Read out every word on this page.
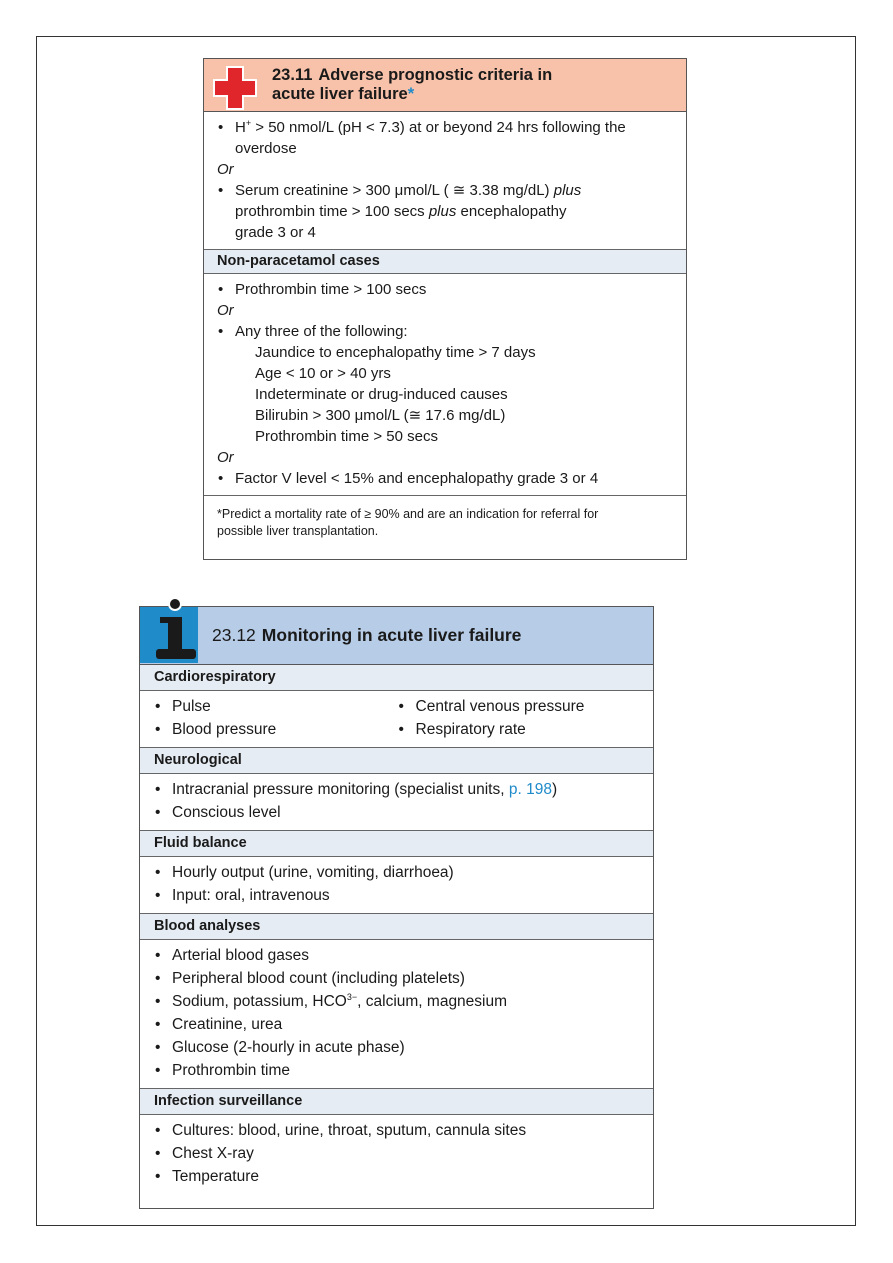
23.11 Adverse prognostic criteria in
acute liver failure*
• H+ > 50 nmol/L (pH < 7.3) at or beyond 24 hrs following the
overdose
Or
• Serum creatinine > 300 μmol/L ( ≅ 3.38 mg/dL) plus
prothrombin time > 100 secs plus encephalopathy
grade 3 or 4
Non-paracetamol cases
• Prothrombin time > 100 secs
Or
• Any three of the following:
Jaundice to encephalopathy time > 7 days
Age < 10 or > 40 yrs
Indeterminate or drug-induced causes
Bilirubin > 300 μmol/L (≅ 17.6 mg/dL)
Prothrombin time > 50 secs
Or
• Factor V level < 15% and encephalopathy grade 3 or 4
*Predict a mortality rate of ≥ 90% and are an indication for referral for
possible liver transplantation.
23.12 Monitoring in acute liver failure
Cardiorespiratory
• Pulse
• Blood pressure
• Central venous pressure
• Respiratory rate
Neurological
• Intracranial pressure monitoring (specialist units, p. 198)
• Conscious level
Fluid balance
• Hourly output (urine, vomiting, diarrhoea)
• Input: oral, intravenous
Blood analyses
• Arterial blood gases
• Peripheral blood count (including platelets)
• Sodium, potassium, $HCO^{3-}$, calcium, magnesium
• Creatinine, urea
• Glucose (2-hourly in acute phase)
• Prothrombin time
Infection surveillance
• Cultures: blood, urine, throat, sputum, cannula sites
• Chest X-ray
• Temperature
